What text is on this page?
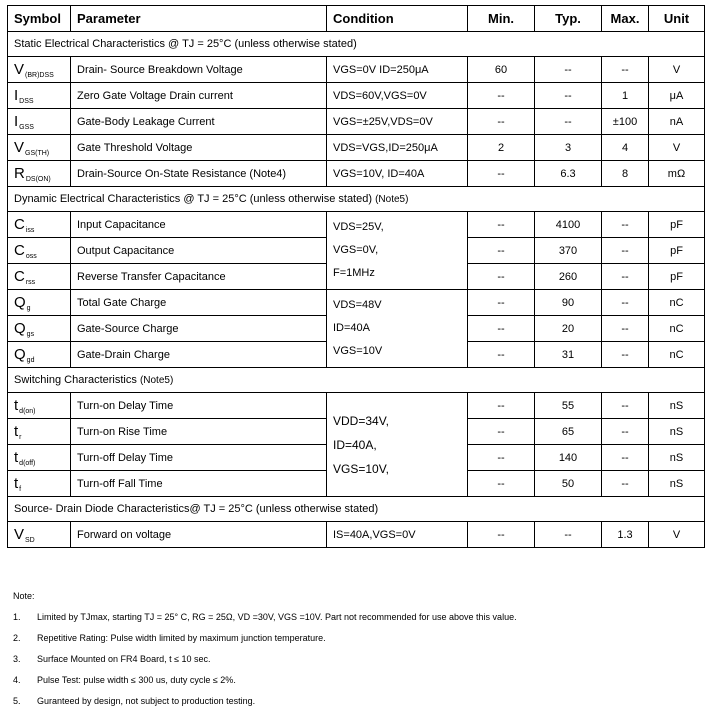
Symbol	Parameter	Condition	Min.	Typ.	Max.	Unit
Static Electrical Characteristics @ TJ = 25°C (unless otherwise stated)						
$V_{(BR)DSS}$	Drain- Source Breakdown Voltage	VGS=0V ID=250μA	60	--	--	V
$I_{DSS}$	Zero Gate Voltage Drain current	VDS=60V,VGS=0V	--	--	1	μA
$I_{GSS}$	Gate-Body Leakage Current	VGS=±25V,VDS=0V	--	--	±100	nA
$V_{GS(TH)}$	Gate Threshold Voltage	VDS=VGS,ID=250μA	2	3	4	V
$R_{DS(ON)}$	Drain-Source On-State Resistance (Note4)	VGS=10V, ID=40A	--	6.3	8	mΩ
Dynamic Electrical Characteristics @ TJ = 25°C (unless otherwise stated) (Note5)						
$C_{iss}$	Input Capacitance	VDS=25V,
VGS=0V,
F=1MHz	--	4100	--	pF
$C_{oss}$	Output Capacitance		--	370	--	pF
$C_{rss}$	Reverse Transfer Capacitance		--	260	--	pF
$Q_g$	Total Gate Charge	VDS=48V
ID=40A
VGS=10V	--	90	--	nC
$Q_{gs}$	Gate-Source Charge		--	20	--	nC
$Q_{gd}$	Gate-Drain Charge		--	31	--	nC
Switching Characteristics (Note5)						
$t_{d(on)}$	Turn-on Delay Time	VDD=34V,
ID=40A,
VGS=10V,	--	55	--	nS
$t_r$	Turn-on Rise Time		--	65	--	nS
$t_{d(off)}$	Turn-off Delay Time		--	140	--	nS
$t_f$	Turn-off Fall Time		--	50	--	nS
Source- Drain Diode Characteristics@ TJ = 25°C (unless otherwise stated)						
$V_{SD}$	Forward on voltage	IS=40A,VGS=0V	--	--	1.3	V
Note:
1.	Limited by TJmax, starting TJ = 25° C, RG = 25Ω, VD =30V, VGS =10V. Part not recommended for use above this value.
2.	Repetitive Rating: Pulse width limited by maximum junction temperature.
3.	Surface Mounted on FR4 Board, t ≤ 10 sec.
4.	Pulse Test: pulse width ≤ 300 us, duty cycle ≤ 2%.
5.	Guranteed by design, not subject to production testing.
